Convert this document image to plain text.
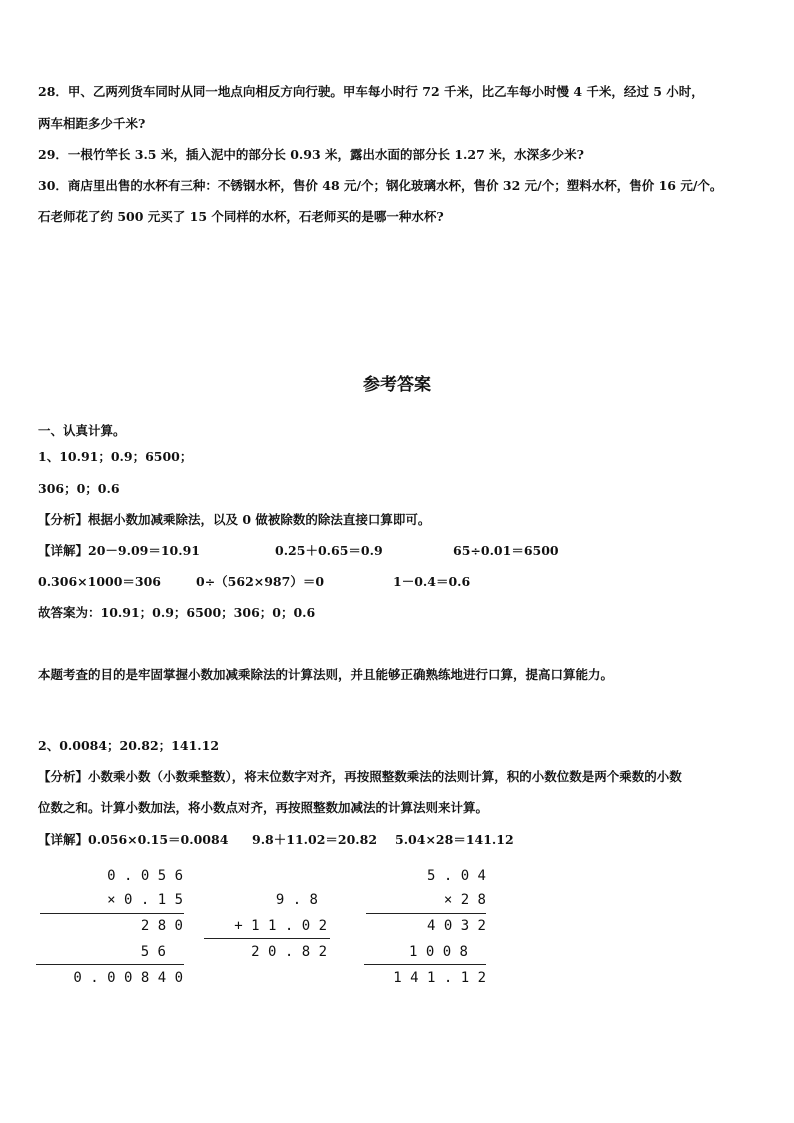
28．甲、乙两列货车同时从同一地点向相反方向行驶。甲车每小时行 72 千米，比乙车每小时慢 4 千米，经过 5 小时，
两车相距多少千米?
29．一根竹竿长 3.5 米，插入泥中的部分长 0.93 米，露出水面的部分长 1.27 米，水深多少米?
30．商店里出售的水杯有三种：不锈钢水杯，售价 48 元/个；钢化玻璃水杯，售价 32 元/个；塑料水杯，售价 16 元/个。
石老师花了约 500 元买了 15 个同样的水杯，石老师买的是哪一种水杯?
参考答案
一、认真计算。
1、10.91；0.9；6500；
306；0；0.6
【分析】根据小数加减乘除法，以及 0 做被除数的除法直接口算即可。
【详解】 20－9.09＝10.91	0.25＋0.65＝0.9	65÷0.01＝6500
0.306×1000＝306	0÷（562×987）＝0	1－0.4＝0.6
故答案为：10.91；0.9；6500；306；0；0.6
本题考查的目的是牢固掌握小数加减乘除法的计算法则，并且能够正确熟练地进行口算，提高口算能力。
2、0.0084；20.82；141.12
【分析】小数乘小数（小数乘整数），将末位数字对齐，再按照整数乘法的法则计算，积的小数位数是两个乘数的小数
位数之和。计算小数加法，将小数点对齐，再按照整数加减法的计算法则来计算。
【详解】 0.056×0.15＝0.0084 9.8＋11.02＝20.82 5.04×28＝141.12
0 . 0 5 6
× 0 . 1 5
2 8 0
5 6
0 . 0 0 8 4 0
9 . 8
+ 1 1 . 0 2
2 0 . 8 2
5 . 0 4
× 2 8
4 0 3 2
1 0 0 8
1 4 1 . 1 2
